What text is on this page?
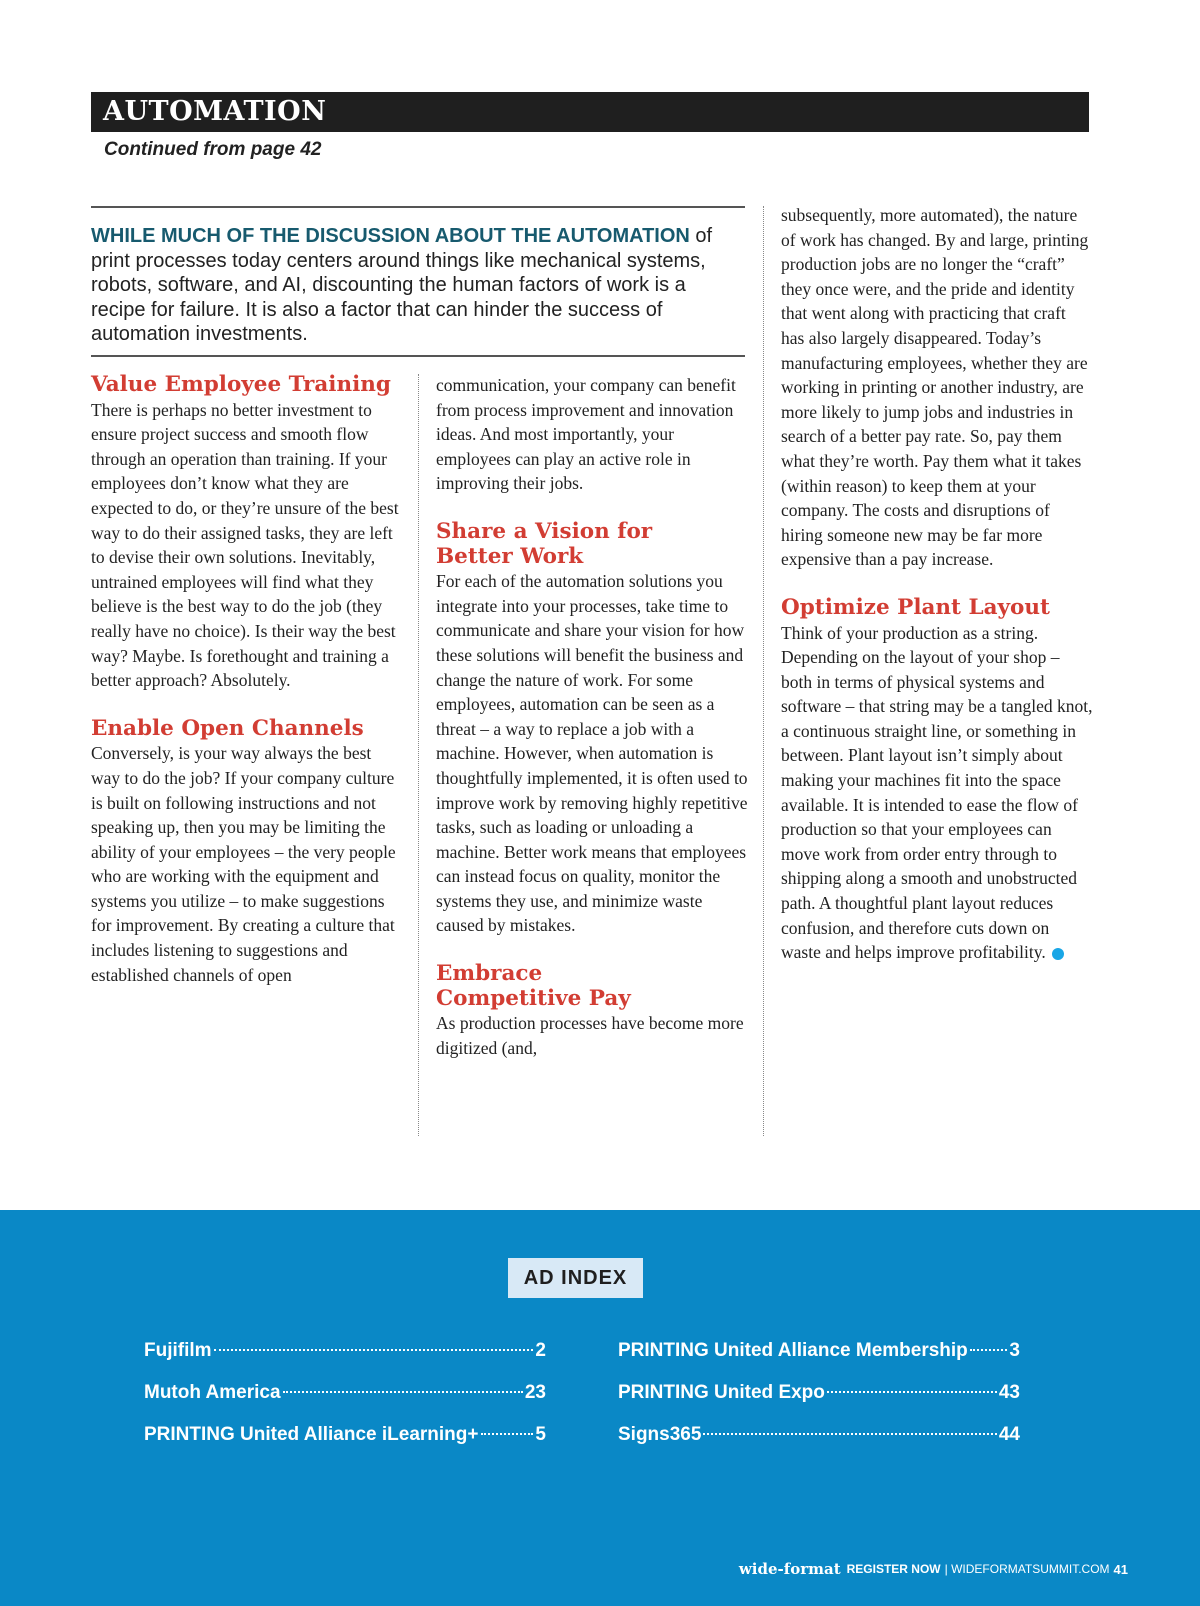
AUTOMATION
Continued from page 42
WHILE MUCH OF THE DISCUSSION ABOUT THE AUTOMATION of print processes today centers around things like mechanical systems, robots, software, and AI, discounting the human factors of work is a recipe for failure. It is also a factor that can hinder the success of automation investments.

Value Employee Training

There is perhaps no better investment to ensure project success and smooth flow through an operation than training. If your employees don’t know what they are expected to do, or they’re unsure of the best way to do their assigned tasks, they are left to devise their own solutions. Inevitably, untrained employees will find what they believe is the best way to do the job (they really have no choice). Is their way the best way? Maybe. Is forethought and training a better approach? Absolutely.

Enable Open Channels

Conversely, is your way always the best way to do the job? If your company culture is built on following instructions and not speaking up, then you may be limiting the ability of your employees – the very people who are working with the equipment and systems you utilize – to make suggestions for improvement. By creating a culture that includes listening to suggestions and established channels of open

communication, your company can benefit from process improvement and innovation ideas. And most importantly, your employees can play an active role in improving their jobs.

Share a Vision for Better Work

For each of the automation solutions you integrate into your processes, take time to communicate and share your vision for how these solutions will benefit the business and change the nature of work. For some employees, automation can be seen as a threat – a way to replace a job with a machine. However, when automation is thoughtfully implemented, it is often used to improve work by removing highly repetitive tasks, such as loading or unloading a machine. Better work means that employees can instead focus on quality, monitor the systems they use, and minimize waste caused by mistakes.

Embrace Competitive Pay

As production processes have become more digitized (and,

subsequently, more automated), the nature of work has changed. By and large, printing production jobs are no longer the “craft” they once were, and the pride and identity that went along with practicing that craft has also largely disappeared. Today’s manufacturing employees, whether they are working in printing or another industry, are more likely to jump jobs and industries in search of a better pay rate. So, pay them what they’re worth. Pay them what it takes (within reason) to keep them at your company. The costs and disruptions of hiring someone new may be far more expensive than a pay increase.

Optimize Plant Layout

Think of your production as a string. Depending on the layout of your shop – both in terms of physical systems and software – that string may be a tangled knot, a continuous straight line, or something in between. Plant layout isn’t simply about making your machines fit into the space available. It is intended to ease the flow of production so that your employees can move work from order entry through to shipping along a smooth and unobstructed path. A thoughtful plant layout reduces confusion, and therefore cuts down on waste and helps improve profitability.

AD INDEX
Fujifilm	2
Mutoh America	23
PRINTING United Alliance iLearning+	5
PRINTING United Alliance Membership 3
PRINTING United Expo	43
Signs365	44
wide-format REGISTER NOW | WIDEFORMATSUMMIT.COM 41
